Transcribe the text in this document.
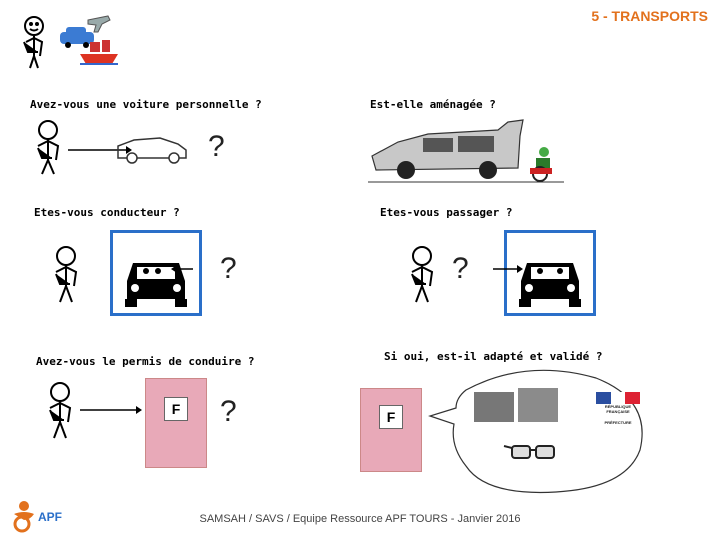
5 - TRANSPORTS
Avez-vous une voiture personnelle ?
?
Est-elle aménagée ?
Etes-vous conducteur ?
?
Etes-vous passager ?
?
Avez-vous le permis de conduire ?
F ?
Si oui, est-il adapté et validé ?
F
RÉPUBLIQUE FRANÇAISE
PRÉFECTURE
APF	SAMSAH / SAVS / Equipe Ressource APF TOURS - Janvier 2016
